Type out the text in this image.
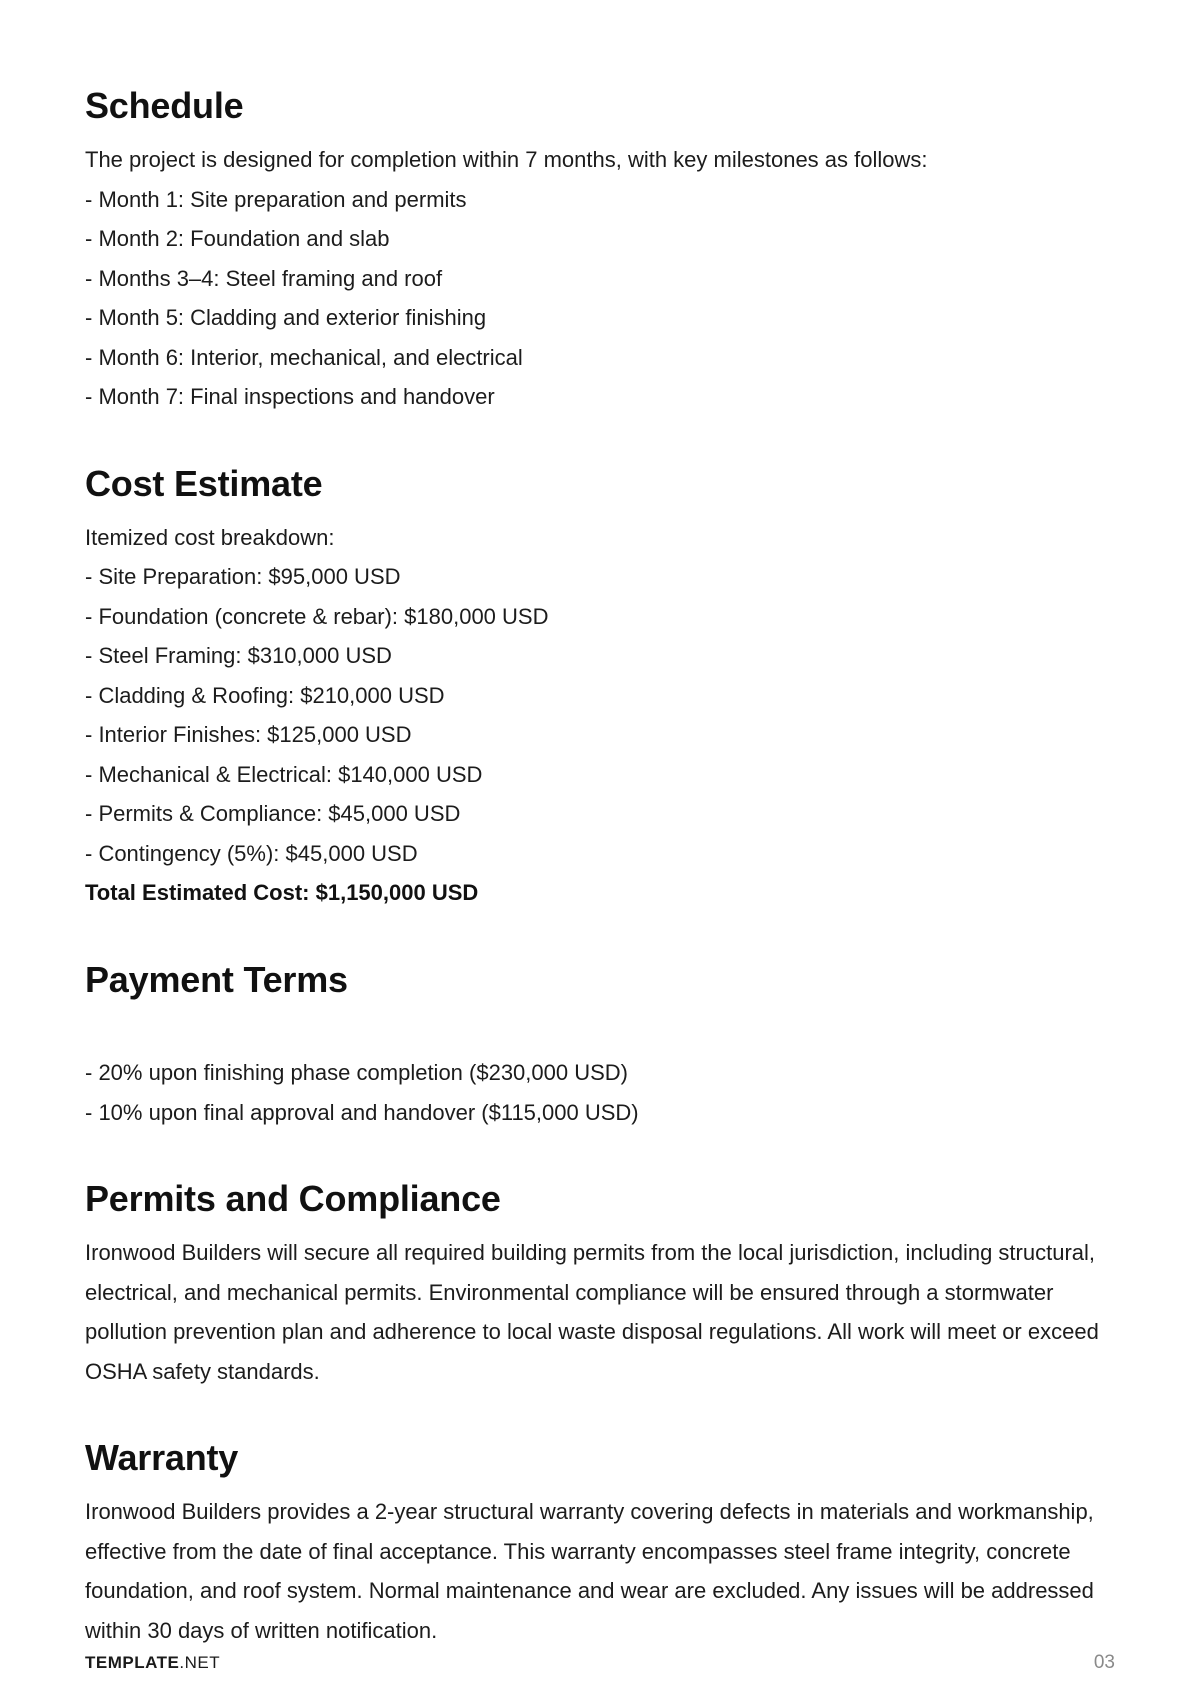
Schedule

The project is designed for completion within 7 months, with key milestones as follows:

- Month 1: Site preparation and permits
- Month 2: Foundation and slab
- Months 3–4: Steel framing and roof
- Month 5: Cladding and exterior finishing
- Month 6: Interior, mechanical, and electrical
- Month 7: Final inspections and handover
Cost Estimate

Itemized cost breakdown:

- Site Preparation: $95,000 USD
- Foundation (concrete & rebar): $180,000 USD
- Steel Framing: $310,000 USD
- Cladding & Roofing: $210,000 USD
- Interior Finishes: $125,000 USD
- Mechanical & Electrical: $140,000 USD
- Permits & Compliance: $45,000 USD
- Contingency (5%): $45,000 USD
Total Estimated Cost: $1,150,000 USD
Payment Terms
- 20% upon finishing phase completion ($230,000 USD)
- 10% upon final approval and handover ($115,000 USD)
Permits and Compliance

Ironwood Builders will secure all required building permits from the local jurisdiction, including structural, electrical, and mechanical permits. Environmental compliance will be ensured through a stormwater pollution prevention plan and adherence to local waste disposal regulations. All work will meet or exceed OSHA safety standards.

Warranty

Ironwood Builders provides a 2-year structural warranty covering defects in materials and workmanship, effective from the date of final acceptance. This warranty encompasses steel frame integrity, concrete foundation, and roof system. Normal maintenance and wear are excluded. Any issues will be addressed within 30 days of written notification.

TEMPLATE.NET	03
